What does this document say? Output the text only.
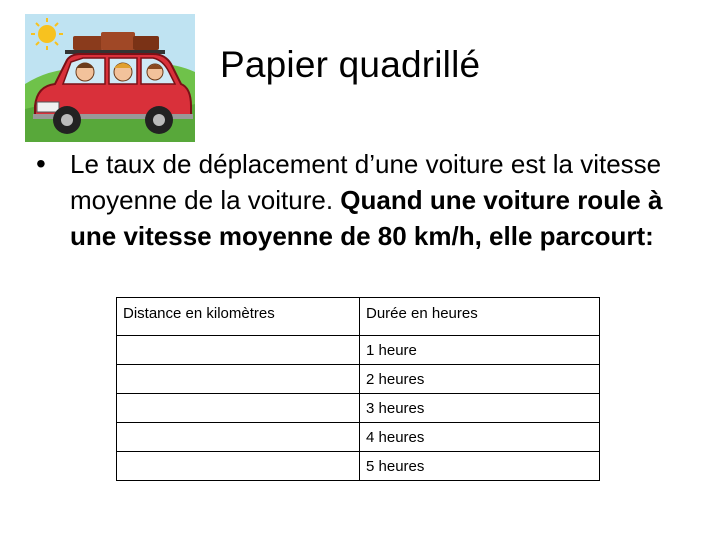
Papier quadrillé
• Le taux de déplacement d’une voiture est la vitesse moyenne de la voiture. Quand une voiture roule à une vitesse moyenne de 80 km/h, elle parcourt:
Distance en kilomètres	Durée en heures
	1 heure
	2 heures
	3 heures
	4 heures
	5 heures
